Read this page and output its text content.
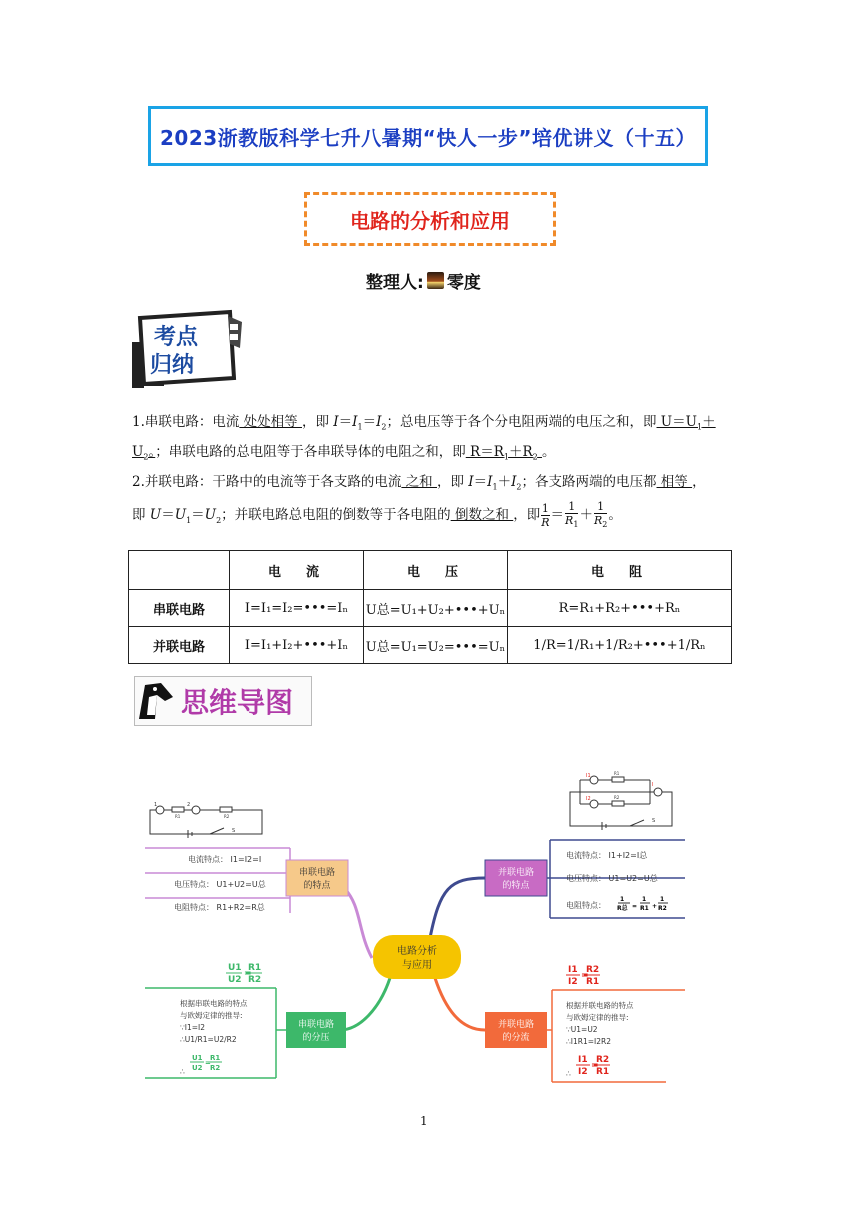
2023浙教版科学七升八暑期“快人一步”培优讲义（十五）
电路的分析和应用
整理人: 零度
考点
归纳
1.串联电路：电流 处处相等 ，即 $I=I_1=I_2$；总电压等于各个分电阻两端的电压之和，即 $U=U_1+U_2$。；串联电路的总电阻等于各串联导体的电阻之和，即 $R=R_1+R_2$ 。
2.并联电路：干路中的电流等于各支路的电流 之和 ，即 $I=I_1+I_2$；各支路两端的电压都 相等 ，
即 $U=U_1=U_2$；并联电路总电阻的倒数等于各电阻的 倒数之和 ，即 $\frac{1}{R} = \frac{1}{R_1} + \frac{1}{R_2}$ 。
	电　流	电　压	电　阻
串联电路	I=I₁=I₂=•••=Iₙ	U总=U₁+U₂+•••+Uₙ	R=R₁+R₂+•••+Rₙ
并联电路	I=I₁+I₂+•••+Iₙ	U总=U₁=U₂=•••=Uₙ	1/R=1/R₁+1/R₂+•••+1/Rₙ
思维导图
电路分析
与应用
串联电路
的特点
电流特点： I1=I2=I
电压特点： U1+U2=U总
电阻特点： R1+R2=R总
1	2
R1	R2
S
并联电路
的特点
电流特点： I1+I2=I总
电压特点： U1=U2=U总
电阻特点：
1
R总 =
1
R1 +
1
R2
I1
I2
I
R1
R2
S
串联电路
的分压
U1
U2
=
R1
R2
根据串联电路的特点
与欧姆定律的推导:
∵I1=I2
∴U1/R1=U2/R2
∴
U1
U2
=
R1
R2
并联电路
的分流
I1
I2
=
R2
R1
根据并联电路的特点
与欧姆定律的推导:
∵U1=U2
∴I1R1=I2R2
∴
I1
I2
=
R2
R1
1
